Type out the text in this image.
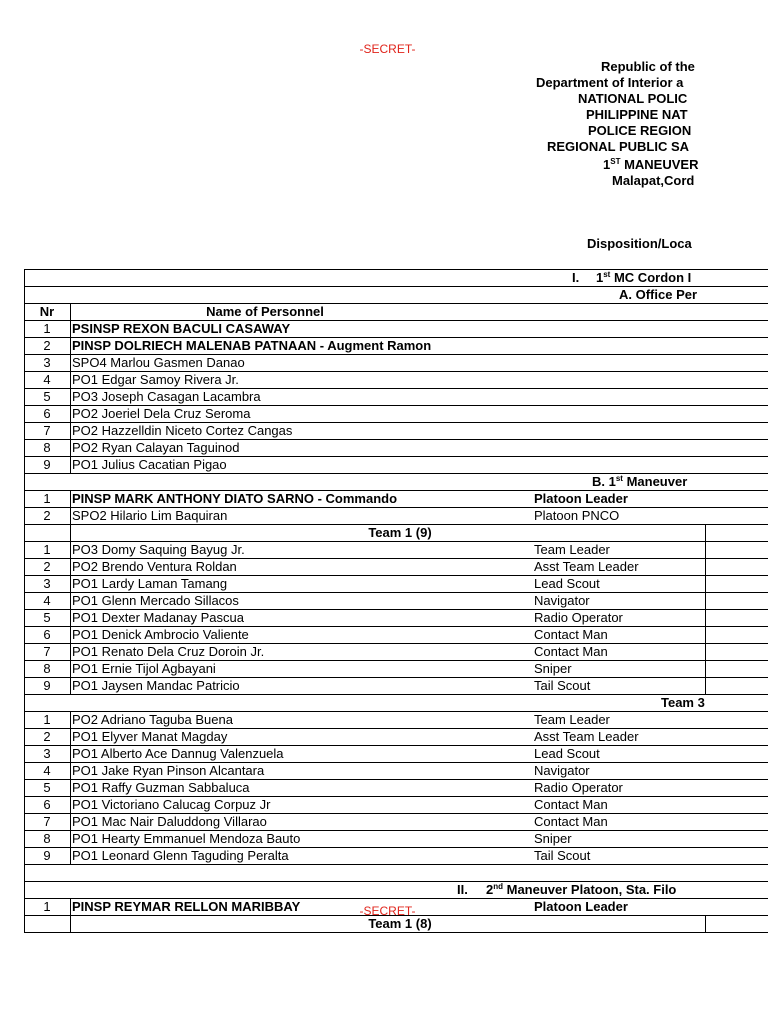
-SECRET-
Republic of the
Department of Interior a
NATIONAL POLIC
PHILIPPINE NAT
POLICE REGION
REGIONAL PUBLIC SA
1ST MANEUVER
Malapat,Cord
Disposition/Loca
I. 1st MC Cordon I
A. Office Per
Nr	Name of Personnel
1	PSINSP REXON BACULI CASAWAY
2	PINSP DOLRIECH MALENAB PATNAAN - Augment Ramon
3	SPO4 Marlou Gasmen Danao
4	PO1 Edgar Samoy Rivera Jr.
5	PO3 Joseph Casagan Lacambra
6	PO2 Joeriel Dela Cruz Seroma
7	PO2 Hazzelldin Niceto Cortez Cangas
8	PO2 Ryan Calayan Taguinod
9	PO1 Julius Cacatian Pigao
B. 1st Maneuver
1	PINSP MARK ANTHONY DIATO SARNO - Commando	Platoon Leader
2	SPO2 Hilario Lim Baquiran	Platoon PNCO
Team 1 (9)
1	PO3 Domy Saquing Bayug Jr.	Team Leader
2	PO2 Brendo Ventura Roldan	Asst Team Leader
3	PO1 Lardy Laman Tamang	Lead Scout
4	PO1 Glenn Mercado Sillacos	Navigator
5	PO1 Dexter Madanay Pascua	Radio Operator
6	PO1 Denick Ambrocio Valiente	Contact Man
7	PO1 Renato Dela Cruz Doroin Jr.	Contact Man
8	PO1 Ernie Tijol Agbayani	Sniper
9	PO1 Jaysen Mandac Patricio	Tail Scout
Team 3
1	PO2 Adriano Taguba Buena	Team Leader
2	PO1 Elyver Manat Magday	Asst Team Leader
3	PO1 Alberto Ace Dannug Valenzuela	Lead Scout
4	PO1 Jake Ryan Pinson Alcantara	Navigator
5	PO1 Raffy Guzman Sabbaluca	Radio Operator
6	PO1 Victoriano Calucag Corpuz Jr	Contact Man
7	PO1 Mac Nair Daluddong Villarao	Contact Man
8	PO1 Hearty Emmanuel Mendoza Bauto	Sniper
9	PO1 Leonard Glenn Taguding Peralta	Tail Scout
II. 2nd Maneuver Platoon, Sta. Filo
1	PINSP REYMAR RELLON MARIBBAY	Platoon Leader
Team 1 (8)
-SECRET-
